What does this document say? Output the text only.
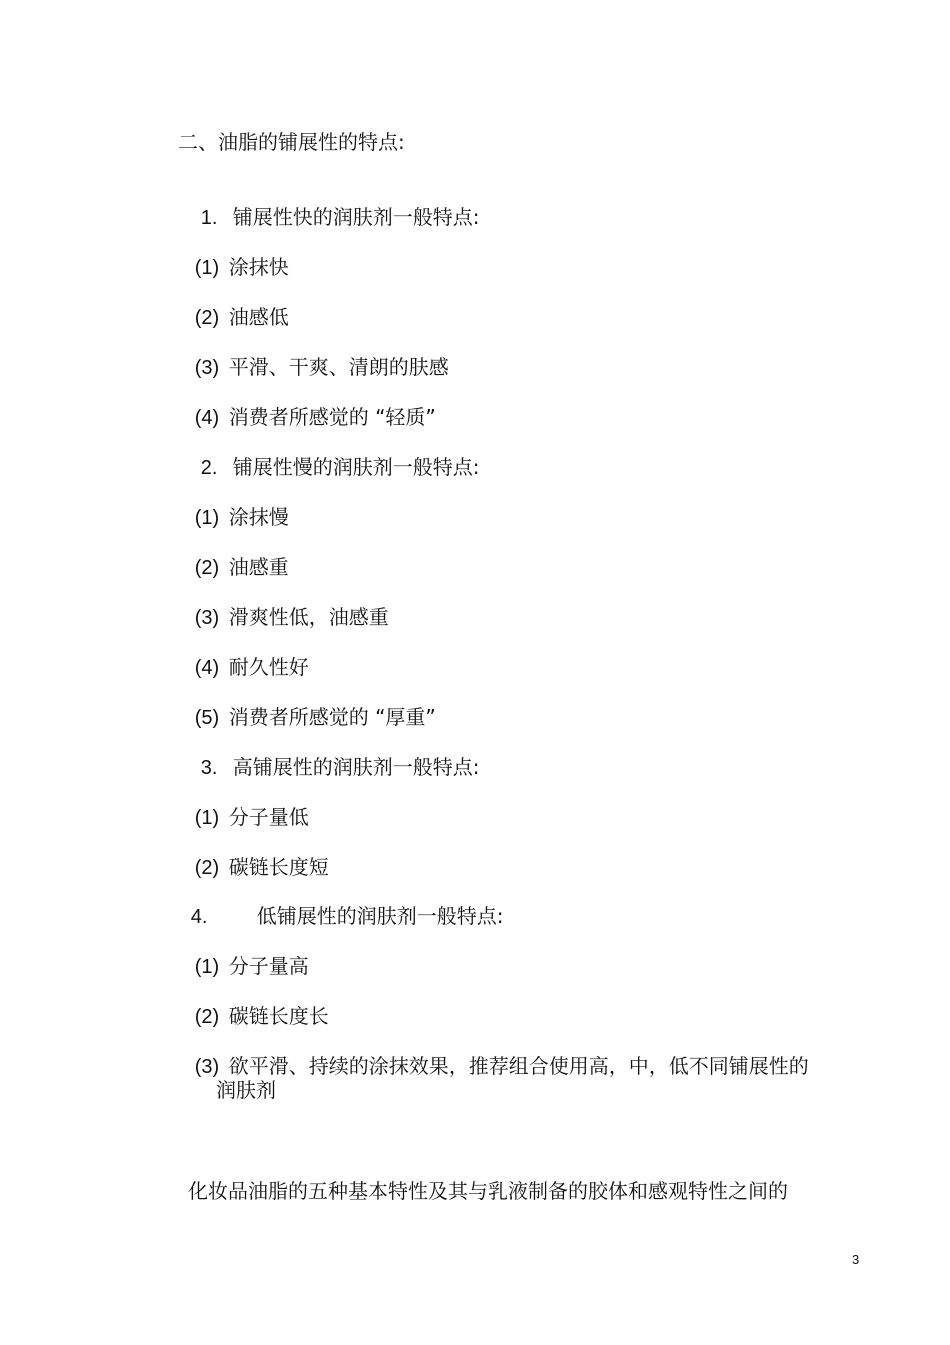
二、油脂的铺展性的特点:

1. 铺展性快的润肤剂一般特点:

(1) 涂抹快

(2) 油感低

(3) 平滑、干爽、清朗的肤感

(4) 消费者所感觉的 “轻质”

2. 铺展性慢的润肤剂一般特点:

(1) 涂抹慢

(2) 油感重

(3) 滑爽性低，油感重

(4) 耐久性好

(5) 消费者所感觉的 “厚重”

3. 高铺展性的润肤剂一般特点:

(1) 分子量低

(2) 碳链长度短

4. 低铺展性的润肤剂一般特点:

(1) 分子量高

(2) 碳链长度长

(3) 欲平滑、持续的涂抹效果，推荐组合使用高，中，低不同铺展性的

润肤剂
化妆品油脂的五种基本特性及其与乳液制备的胶体和感观特性之间的
3
